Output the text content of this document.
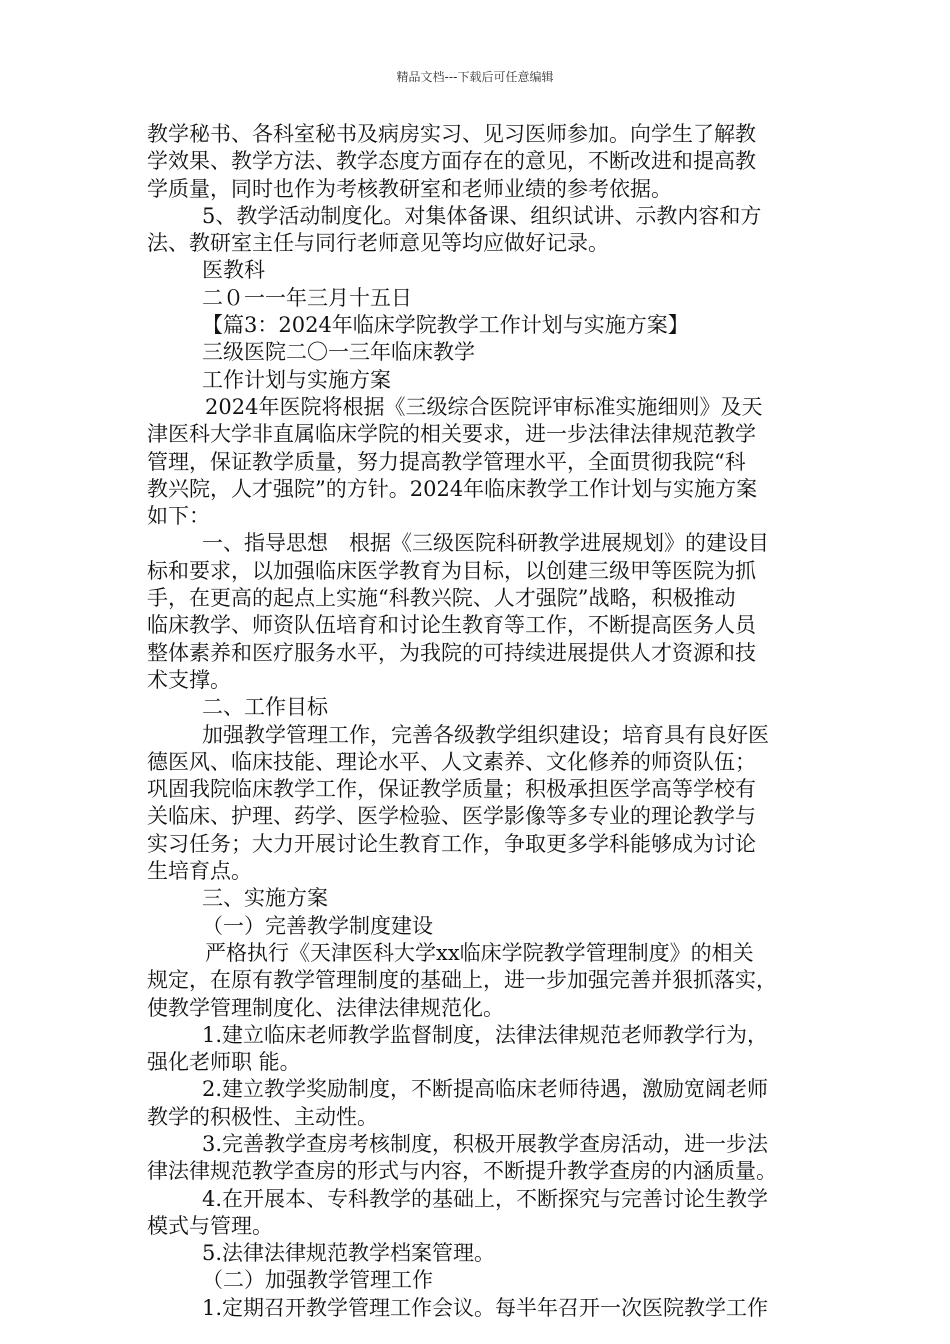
精品文档---下载后可任意编辑
教学秘书、各科室秘书及病房实习、见习医师参加。向学生了解教
学效果、教学方法、教学态度方面存在的意见，不断改进和提高教
学质量，同时也作为考核教研室和老师业绩的参考依据。
5、教学活动制度化。对集体备课、组织试讲、示教内容和方
法、教研室主任与同行老师意见等均应做好记录。
医教科
二０一一年三月十五日
【篇3：2024年临床学院教学工作计划与实施方案】
三级医院二〇一三年临床教学
工作计划与实施方案
2024年医院将根据《三级综合医院评审标准实施细则》及天
津医科大学非直属临床学院的相关要求，进一步法律法律规范教学
管理，保证教学质量，努力提高教学管理水平，全面贯彻我院“科
教兴院，人才强院”的方针。2024年临床教学工作计划与实施方案
如下：
一、指导思想　根据《三级医院科研教学进展规划》的建设目
标和要求，以加强临床医学教育为目标，以创建三级甲等医院为抓
手，在更高的起点上实施“科教兴院、人才强院”战略，积极推动
临床教学、师资队伍培育和讨论生教育等工作，不断提高医务人员
整体素养和医疗服务水平，为我院的可持续进展提供人才资源和技
术支撑。
二、工作目标
加强教学管理工作，完善各级教学组织建设；培育具有良好医
德医风、临床技能、理论水平、人文素养、文化修养的师资队伍；
巩固我院临床教学工作，保证教学质量；积极承担医学高等学校有
关临床、护理、药学、医学检验、医学影像等多专业的理论教学与
实习任务；大力开展讨论生教育工作，争取更多学科能够成为讨论
生培育点。
三、实施方案
（一）完善教学制度建设
严格执行《天津医科大学xx临床学院教学管理制度》的相关
规定，在原有教学管理制度的基础上，进一步加强完善并狠抓落实，
使教学管理制度化、法律法律规范化。
1.建立临床老师教学监督制度，法律法律规范老师教学行为，
强化老师职 能。
2.建立教学奖励制度，不断提高临床老师待遇，激励宽阔老师
教学的积极性、主动性。
3.完善教学查房考核制度，积极开展教学查房活动，进一步法
律法律规范教学查房的形式与内容，不断提升教学查房的内涵质量。
4.在开展本、专科教学的基础上，不断探究与完善讨论生教学
模式与管理。
5.法律法律规范教学档案管理。
（二）加强教学管理工作
1.定期召开教学管理工作会议。每半年召开一次医院教学工作
